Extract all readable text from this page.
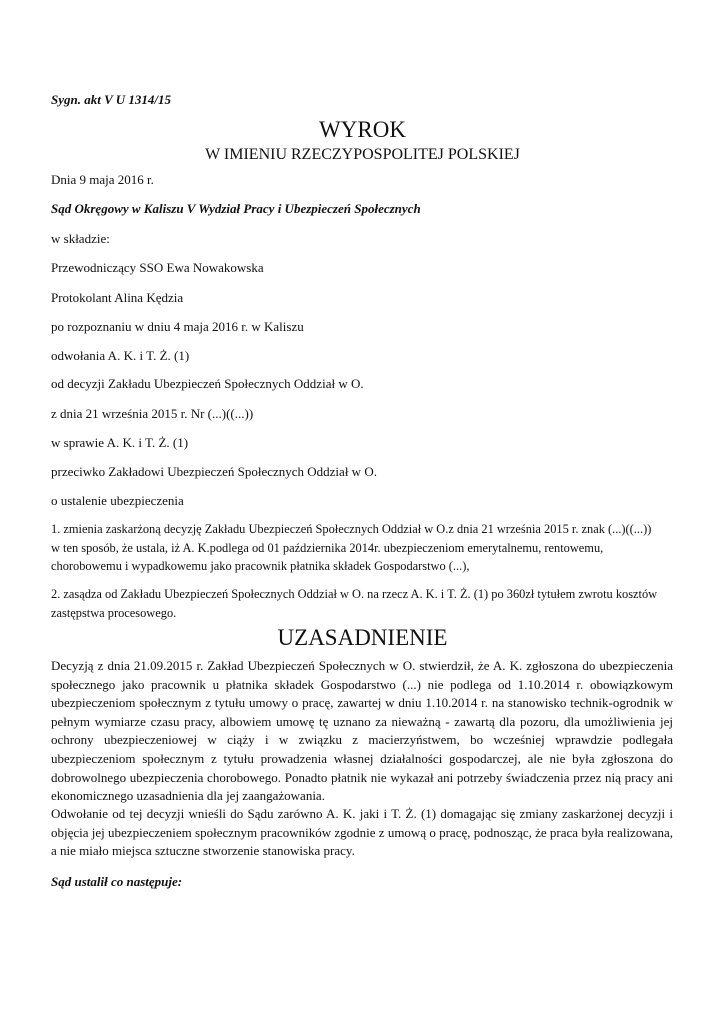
Sygn. akt V U 1314/15
WYROK
W IMIENIU RZECZYPOSPOLITEJ POLSKIEJ
Dnia 9 maja 2016 r.
Sąd Okręgowy w Kaliszu V Wydział Pracy i Ubezpieczeń Społecznych
w składzie:
Przewodniczący SSO Ewa Nowakowska
Protokolant Alina Kędzia
po rozpoznaniu w dniu 4 maja 2016 r. w Kaliszu
odwołania A. K. i T. Ż. (1)
od decyzji Zakładu Ubezpieczeń Społecznych Oddział w O.
z dnia 21 września 2015 r. Nr (...)((...))
w sprawie A. K. i T. Ż. (1)
przeciwko Zakładowi Ubezpieczeń Społecznych Oddział w O.
o ustalenie ubezpieczenia
1. zmienia zaskarżoną decyzję Zakładu Ubezpieczeń Społecznych Oddział w O.z dnia 21 września 2015 r. znak (...)((...))
w ten sposób, że ustala, iż A. K.podlega od 01 października 2014r. ubezpieczeniom emerytalnemu, rentowemu,
chorobowemu i wypadkowemu jako pracownik płatnika składek Gospodarstwo (...),
2. zasądza od Zakładu Ubezpieczeń Społecznych Oddział w O. na rzecz A. K. i T. Ż. (1) po 360zł tytułem zwrotu kosztów
zastępstwa procesowego.
UZASADNIENIE
Decyzją z dnia 21.09.2015 r. Zakład Ubezpieczeń Społecznych w O. stwierdził, że A. K. zgłoszona do ubezpieczenia społecznego jako pracownik u płatnika składek Gospodarstwo (...) nie podlega od 1.10.2014 r. obowiązkowym ubezpieczeniom społecznym z tytułu umowy o pracę, zawartej w dniu 1.10.2014 r. na stanowisko technik-ogrodnik w pełnym wymiarze czasu pracy, albowiem umowę tę uznano za nieważną - zawartą dla pozoru, dla umożliwienia jej ochrony ubezpieczeniowej w ciąży i w związku z macierzyństwem, bo wcześniej wprawdzie podlegała ubezpieczeniom społecznym z tytułu prowadzenia własnej działalności gospodarczej, ale nie była zgłoszona do dobrowolnego ubezpieczenia chorobowego. Ponadto płatnik nie wykazał ani potrzeby świadczenia przez nią pracy ani ekonomicznego uzasadnienia dla jej zaangażowania.
Odwołanie od tej decyzji wnieśli do Sądu zarówno A. K. jaki i T. Ż. (1) domagając się zmiany zaskarżonej decyzji i objęcia jej ubezpieczeniem społecznym pracowników zgodnie z umową o pracę, podnosząc, że praca była realizowana, a nie miało miejsca sztuczne stworzenie stanowiska pracy.
Sąd ustalił co następuje:
